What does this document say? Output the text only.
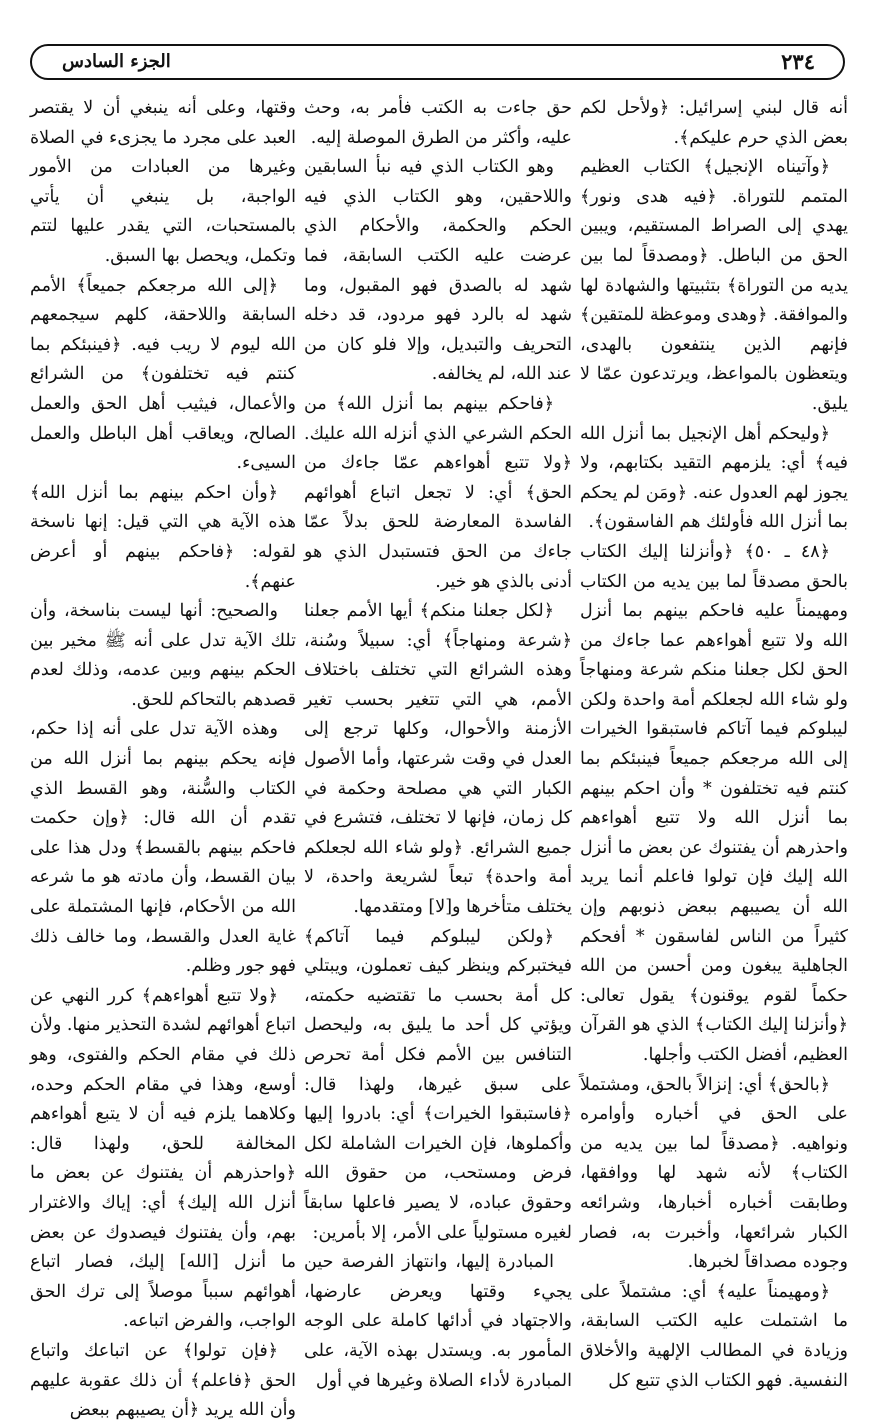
٢٣٤
الجزء السادس

أنه قال لبني إسرائيل: ﴿ولأحل لكم بعض الذي حرم عليكم﴾.

﴿وآتيناه الإنجيل﴾ الكتاب العظيم المتمم للتوراة. ﴿فيه هدى ونور﴾ يهدي إلى الصراط المستقيم، ويبين الحق من الباطل. ﴿ومصدقاً لما بين يديه من التوراة﴾ بتثبيتها والشهادة لها والموافقة. ﴿وهدى وموعظة للمتقين﴾ فإنهم الذين ينتفعون بالهدى، ويتعظون بالمواعظ، ويرتدعون عمّا لا يليق.

﴿وليحكم أهل الإنجيل بما أنزل الله فيه﴾ أي: يلزمهم التقيد بكتابهم، ولا يجوز لهم العدول عنه. ﴿ومَن لم يحكم بما أنزل الله فأولئك هم الفاسقون﴾.

﴿٤٨ ـ ٥٠﴾ ﴿وأنزلنا إليك الكتاب بالحق مصدقاً لما بين يديه من الكتاب ومهيمناً عليه فاحكم بينهم بما أنزل الله ولا تتبع أهواءهم عما جاءك من الحق لكل جعلنا منكم شرعة ومنهاجاً ولو شاء الله لجعلكم أمة واحدة ولكن ليبلوكم فيما آتاكم فاستبقوا الخيرات إلى الله مرجعكم جميعاً فينبئكم بما كنتم فيه تختلفون * وأن احكم بينهم بما أنزل الله ولا تتبع أهواءهم واحذرهم أن يفتنوك عن بعض ما أنزل الله إليك فإن تولوا فاعلم أنما يريد الله أن يصيبهم ببعض ذنوبهم وإن كثيراً من الناس لفاسقون * أفحكم الجاهلية يبغون ومن أحسن من الله حكماً لقوم يوقنون﴾ يقول تعالى: ﴿وأنزلنا إليك الكتاب﴾ الذي هو القرآن العظيم، أفضل الكتب وأجلها.

﴿بالحق﴾ أي: إنزالاً بالحق، ومشتملاً على الحق في أخباره وأوامره ونواهيه. ﴿مصدقاً لما بين يديه من الكتاب﴾ لأنه شهد لها ووافقها، وطابقت أخباره أخبارها، وشرائعه الكبار شرائعها، وأخبرت به، فصار وجوده مصداقاً لخبرها.

﴿ومهيمناً عليه﴾ أي: مشتملاً على ما اشتملت عليه الكتب السابقة، وزيادة في المطالب الإلهية والأخلاق النفسية. فهو الكتاب الذي تتبع كل

حق جاءت به الكتب فأمر به، وحث عليه، وأكثر من الطرق الموصلة إليه.

وهو الكتاب الذي فيه نبأ السابقين واللاحقين، وهو الكتاب الذي فيه الحكم والحكمة، والأحكام الذي عرضت عليه الكتب السابقة، فما شهد له بالصدق فهو المقبول، وما شهد له بالرد فهو مردود، قد دخله التحريف والتبديل، وإلا فلو كان من عند الله، لم يخالفه.

﴿فاحكم بينهم بما أنزل الله﴾ من الحكم الشرعي الذي أنزله الله عليك. ﴿ولا تتبع أهواءهم عمّا جاءك من الحق﴾ أي: لا تجعل اتباع أهوائهم الفاسدة المعارضة للحق بدلاً عمّا جاءك من الحق فتستبدل الذي هو أدنى بالذي هو خير.

﴿لكل جعلنا منكم﴾ أيها الأمم جعلنا ﴿شرعة ومنهاجاً﴾ أي: سبيلاً وسُنة، وهذه الشرائع التي تختلف باختلاف الأمم، هي التي تتغير بحسب تغير الأزمنة والأحوال، وكلها ترجع إلى العدل في وقت شرعتها، وأما الأصول الكبار التي هي مصلحة وحكمة في كل زمان، فإنها لا تختلف، فتشرع في جميع الشرائع. ﴿ولو شاء الله لجعلكم أمة واحدة﴾ تبعاً لشريعة واحدة، لا يختلف متأخرها و[لا] ومتقدمها.

﴿ولكن ليبلوكم فيما آتاكم﴾ فيختبركم وينظر كيف تعملون، ويبتلي كل أمة بحسب ما تقتضيه حكمته، ويؤتي كل أحد ما يليق به، وليحصل التنافس بين الأمم فكل أمة تحرص على سبق غيرها، ولهذا قال: ﴿فاستبقوا الخيرات﴾ أي: بادروا إليها وأكملوها، فإن الخيرات الشاملة لكل فرض ومستحب، من حقوق الله وحقوق عباده، لا يصير فاعلها سابقاً لغيره مستولياً على الأمر، إلا بأمرين:

المبادرة إليها، وانتهاز الفرصة حين يجيء وقتها ويعرض عارضها، والاجتهاد في أدائها كاملة على الوجه المأمور به. ويستدل بهذه الآية، على المبادرة لأداء الصلاة وغيرها في أول

وقتها، وعلى أنه ينبغي أن لا يقتصر العبد على مجرد ما يجزىء في الصلاة وغيرها من العبادات من الأمور الواجبة، بل ينبغي أن يأتي بالمستحبات، التي يقدر عليها لتتم وتكمل، ويحصل بها السبق.

﴿إلى الله مرجعكم جميعاً﴾ الأمم السابقة واللاحقة، كلهم سيجمعهم الله ليوم لا ريب فيه. ﴿فينبئكم بما كنتم فيه تختلفون﴾ من الشرائع والأعمال، فيثيب أهل الحق والعمل الصالح، ويعاقب أهل الباطل والعمل السيىء.

﴿وأن احكم بينهم بما أنزل الله﴾ هذه الآية هي التي قيل: إنها ناسخة لقوله: ﴿فاحكم بينهم أو أعرض عنهم﴾.

والصحيح: أنها ليست بناسخة، وأن تلك الآية تدل على أنه ﷺ مخير بين الحكم بينهم وبين عدمه، وذلك لعدم قصدهم بالتحاكم للحق.

وهذه الآية تدل على أنه إذا حكم، فإنه يحكم بينهم بما أنزل الله من الكتاب والسُّنة، وهو القسط الذي تقدم أن الله قال: ﴿وإن حكمت فاحكم بينهم بالقسط﴾ ودل هذا على بيان القسط، وأن مادته هو ما شرعه الله من الأحكام، فإنها المشتملة على غاية العدل والقسط، وما خالف ذلك فهو جور وظلم.

﴿ولا تتبع أهواءهم﴾ كرر النهي عن اتباع أهوائهم لشدة التحذير منها. ولأن ذلك في مقام الحكم والفتوى، وهو أوسع، وهذا في مقام الحكم وحده، وكلاهما يلزم فيه أن لا يتبع أهواءهم المخالفة للحق، ولهذا قال: ﴿واحذرهم أن يفتنوك عن بعض ما أنزل الله إليك﴾ أي: إياك والاغترار بهم، وأن يفتنوك فيصدوك عن بعض ما أنزل [الله] إليك، فصار اتباع أهوائهم سبباً موصلاً إلى ترك الحق الواجب، والفرض اتباعه.

﴿فإن تولوا﴾ عن اتباعك واتباع الحق ﴿فاعلم﴾ أن ذلك عقوبة عليهم وأن الله يريد ﴿أن يصيبهم ببعض
